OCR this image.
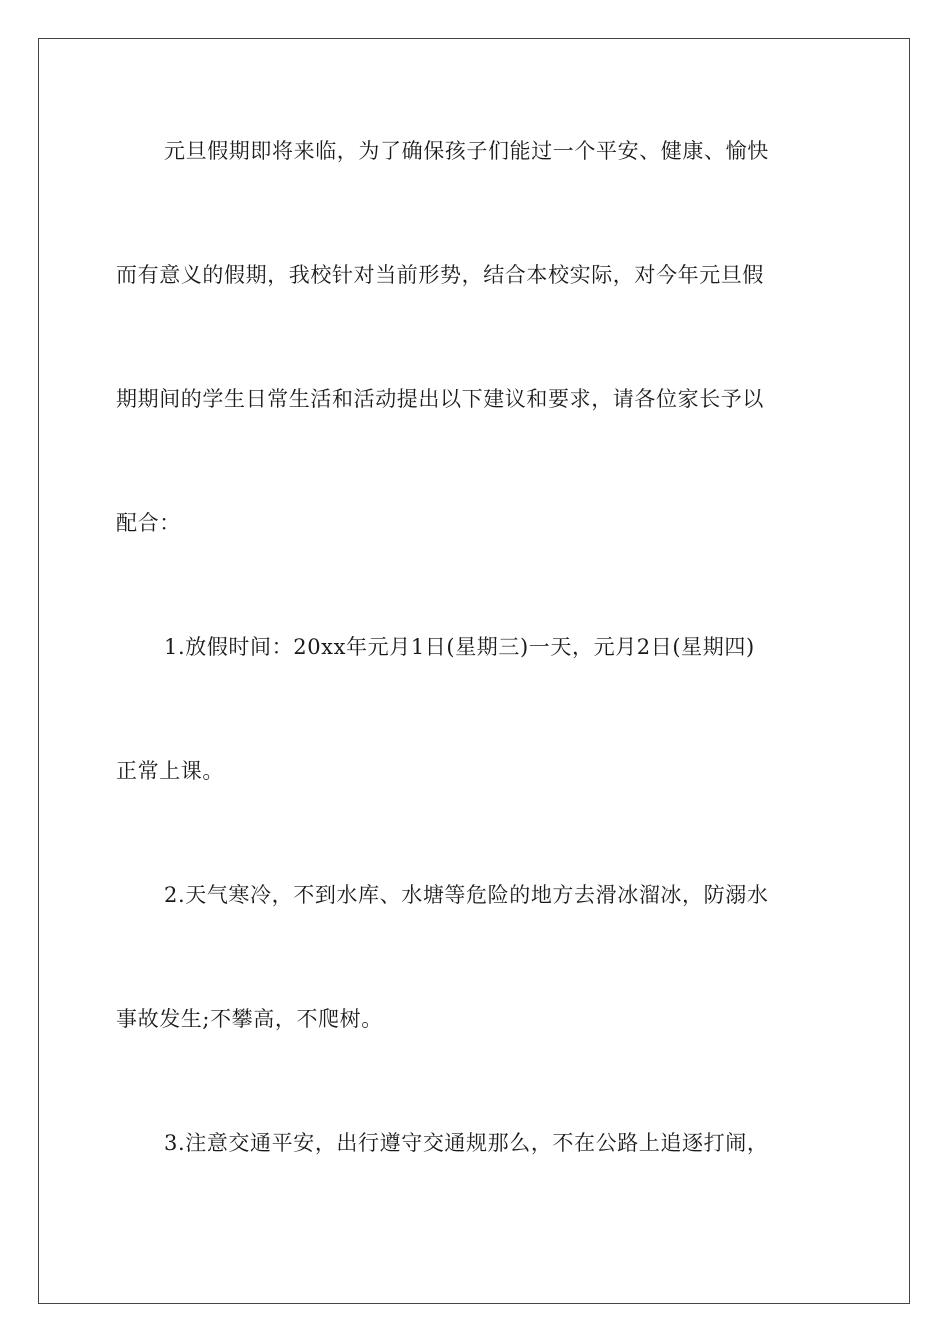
元旦假期即将来临，为了确保孩子们能过一个平安、健康、愉快
而有意义的假期，我校针对当前形势，结合本校实际，对今年元旦假
期期间的学生日常生活和活动提出以下建议和要求，请各位家长予以
配合：
1.放假时间：20xx年元月1日(星期三)一天，元月2日(星期四)
正常上课。
2.天气寒冷，不到水库、水塘等危险的地方去滑冰溜冰，防溺水
事故发生;不攀高，不爬树。
3.注意交通平安，出行遵守交通规那么，不在公路上追逐打闹，
